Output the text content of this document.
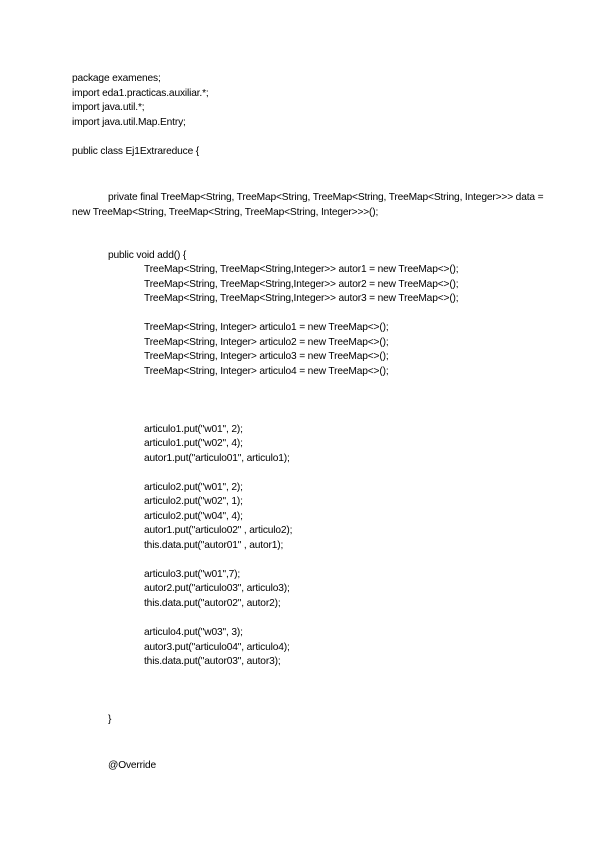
package examenes;
import eda1.practicas.auxiliar.*;
import java.util.*;
import java.util.Map.Entry;
public class Ej1Extrareduce {
private final TreeMap<String, TreeMap<String, TreeMap<String, TreeMap<String, Integer>>> data =
new TreeMap<String, TreeMap<String, TreeMap<String, Integer>>>();
public void add() {
TreeMap<String, TreeMap<String,Integer>> autor1 = new TreeMap<>();
TreeMap<String, TreeMap<String,Integer>> autor2 = new TreeMap<>();
TreeMap<String, TreeMap<String,Integer>> autor3 = new TreeMap<>();
TreeMap<String, Integer> articulo1 = new TreeMap<>();
TreeMap<String, Integer> articulo2 = new TreeMap<>();
TreeMap<String, Integer> articulo3 = new TreeMap<>();
TreeMap<String, Integer> articulo4 = new TreeMap<>();
articulo1.put("w01", 2);
articulo1.put("w02", 4);
autor1.put("articulo01", articulo1);
articulo2.put("w01", 2);
articulo2.put("w02", 1);
articulo2.put("w04", 4);
autor1.put("articulo02" , articulo2);
this.data.put("autor01" , autor1);
articulo3.put("w01",7);
autor2.put("articulo03", articulo3);
this.data.put("autor02", autor2);
articulo4.put("w03", 3);
autor3.put("articulo04", articulo4);
this.data.put("autor03", autor3);
}
@Override
